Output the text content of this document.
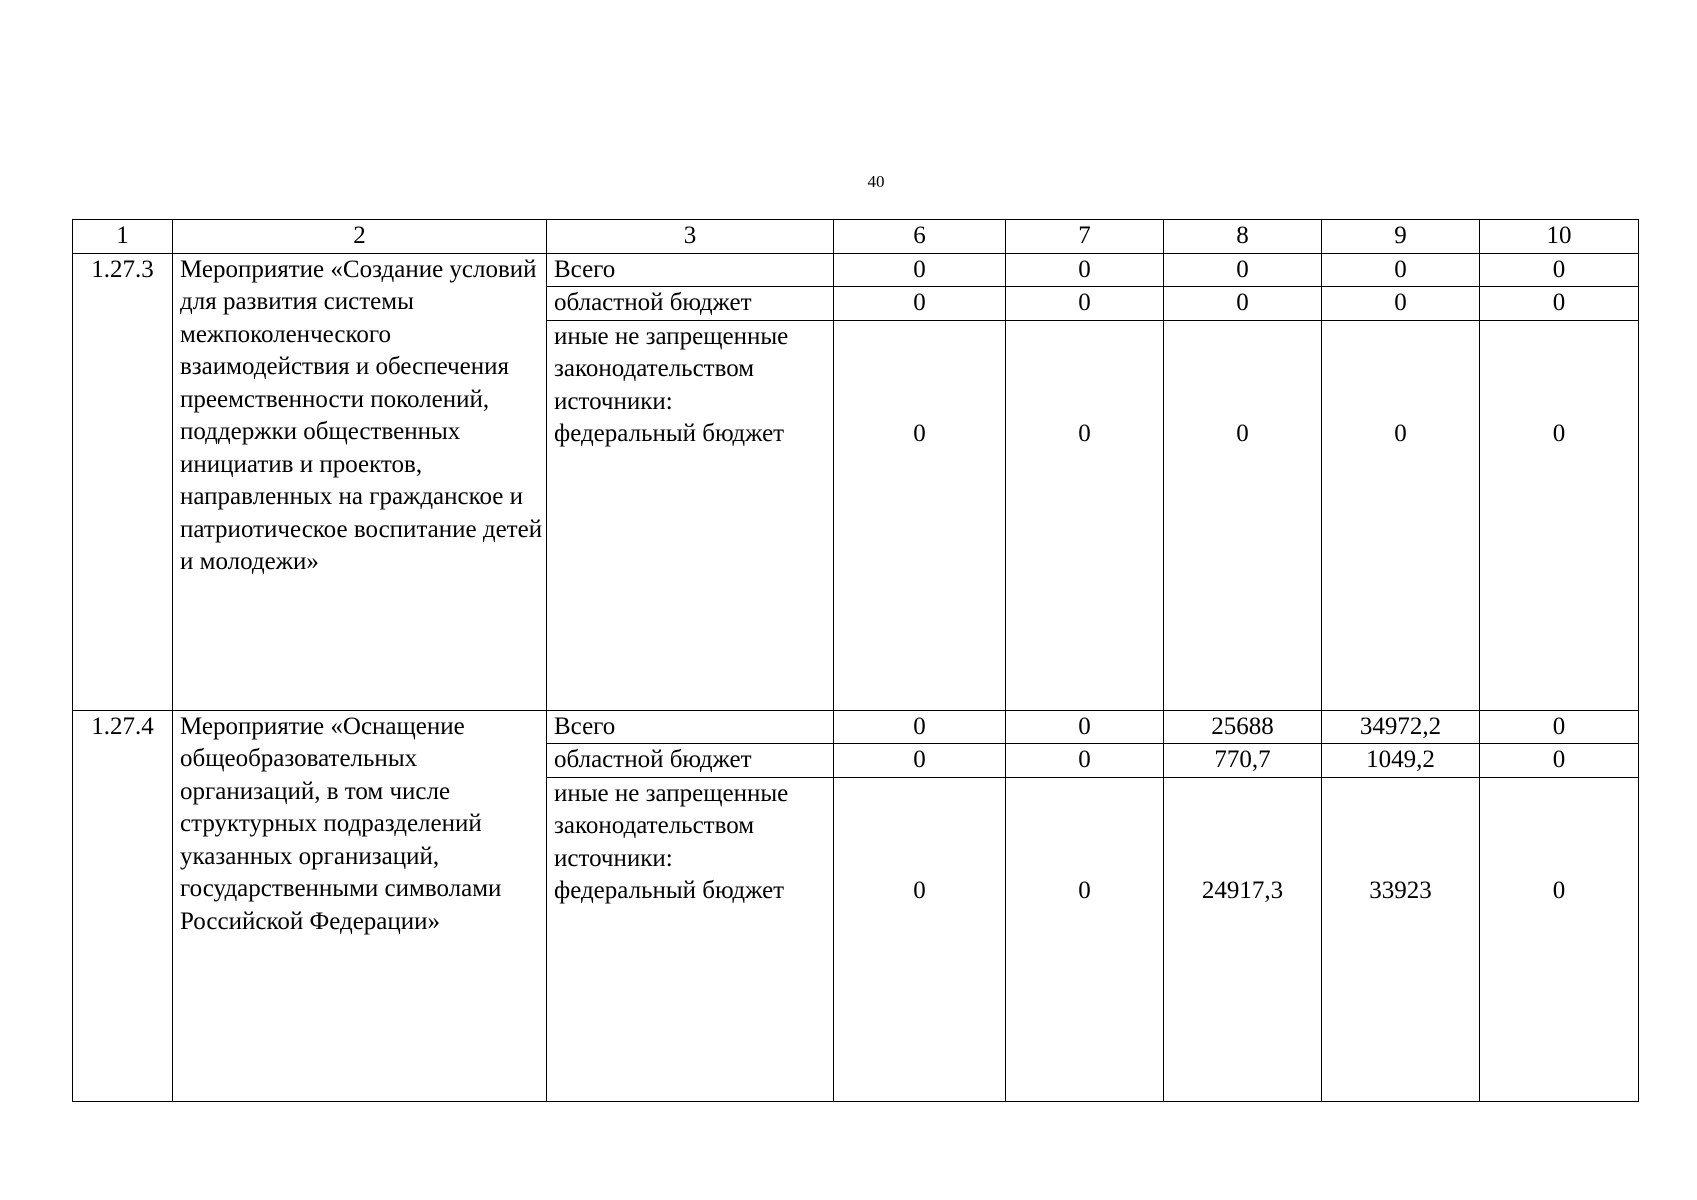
40
1	2	3	6	7	8	9	10
1.27.3	Мероприятие «Создание условий для развития системы межпоколенческого взаимодействия и обеспечения преемственности поколений, поддержки общественных инициатив и проектов, направленных на гражданское и патриотическое воспитание детей и молодежи»	Всего	0	0	0	0	0
		областной бюджет	0	0	0	0	0

		иные не запрещенные
законодательством
источники:
федеральный бюджет	0	0	0	0	0
1.27.4	Мероприятие «Оснащение общеобразовательных организаций, в том числе структурных подразделений указанных организаций, государственными символами Российской Федерации»	Всего	0	0	25688	34972,2	0
		областной бюджет	0	0	770,7	1049,2	0

		иные не запрещенные
законодательством
источники:
федеральный бюджет	0	0	24917,3	33923	0
